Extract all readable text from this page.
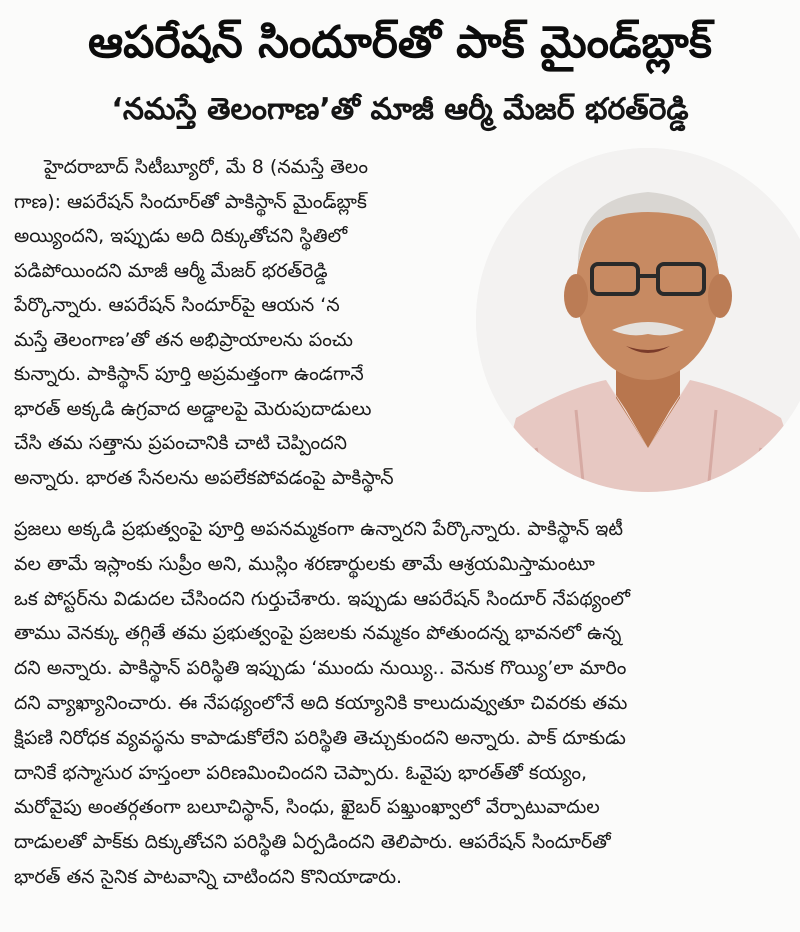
ఆపరేషన్ సిందూర్‌తో పాక్ మైండ్‌బ్లాక్
‘నమస్తే తెలంగాణ’తో మాజీ ఆర్మీ మేజర్ భరత్‌రెడ్డి

హైదరాబాద్ సిటీబ్యూరో, మే 8 (నమస్తే తెలం

గాణ): ఆపరేషన్ సిందూర్‌తో పాకిస్థాన్ మైండ్‌బ్లాక్

అయ్యిందని, ఇప్పుడు అది దిక్కుతోచని స్థితిలో

పడిపోయిందని మాజీ ఆర్మీ మేజర్ భరత్‌రెడ్డి

పేర్కొన్నారు. ఆపరేషన్ సిందూర్‌పై ఆయన ‘న

మస్తే తెలంగాణ’తో తన అభిప్రాయాలను పంచు

కున్నారు. పాకిస్థాన్ పూర్తి అప్రమత్తంగా ఉండగానే

భారత్ అక్కడి ఉగ్రవాద అడ్డాలపై మెరుపుదాడులు

చేసి తమ సత్తాను ప్రపంచానికి చాటి చెప్పిందని

అన్నారు. భారత సేనలను అపలేకపోవడంపై పాకిస్థాన్

ప్రజలు అక్కడి ప్రభుత్వంపై పూర్తి అపనమ్మకంగా ఉన్నారని పేర్కొన్నారు. పాకిస్థాన్ ఇటీ

వల తామే ఇస్లాంకు సుప్రీం అని, ముస్లిం శరణార్థులకు తామే ఆశ్రయమిస్తామంటూ

ఒక పోస్టర్‌ను విడుదల చేసిందని గుర్తుచేశారు. ఇప్పుడు ఆపరేషన్ సిందూర్ నేపథ్యంలో

తాము వెనక్కు తగ్గితే తమ ప్రభుత్వంపై ప్రజలకు నమ్మకం పోతుందన్న భావనలో ఉన్న

దని అన్నారు. పాకిస్థాన్ పరిస్థితి ఇప్పుడు ‘ముందు నుయ్యి.. వెనుక గొయ్యి’లా మారిం

దని వ్యాఖ్యానించారు. ఈ నేపథ్యంలోనే అది కయ్యానికి కాలుదువ్వుతూ చివరకు తమ

క్షిపణి నిరోధక వ్యవస్థను కాపాడుకోలేని పరిస్థితి తెచ్చుకుందని అన్నారు. పాక్ దూకుడు

దానికే భస్మాసుర హస్తంలా పరిణమించిందని చెప్పారు. ఓవైపు భారత్‌తో కయ్యం,

మరోవైపు అంతర్గతంగా బలూచిస్థాన్, సింధు, ఖైబర్ పఖ్తుంఖ్వాలో వేర్పాటువాదుల

దాడులతో పాక్‌కు దిక్కుతోచని పరిస్థితి ఏర్పడిందని తెలిపారు. ఆపరేషన్ సిందూర్‌తో

భారత్ తన సైనిక పాటవాన్ని చాటిందని కొనియాడారు.
